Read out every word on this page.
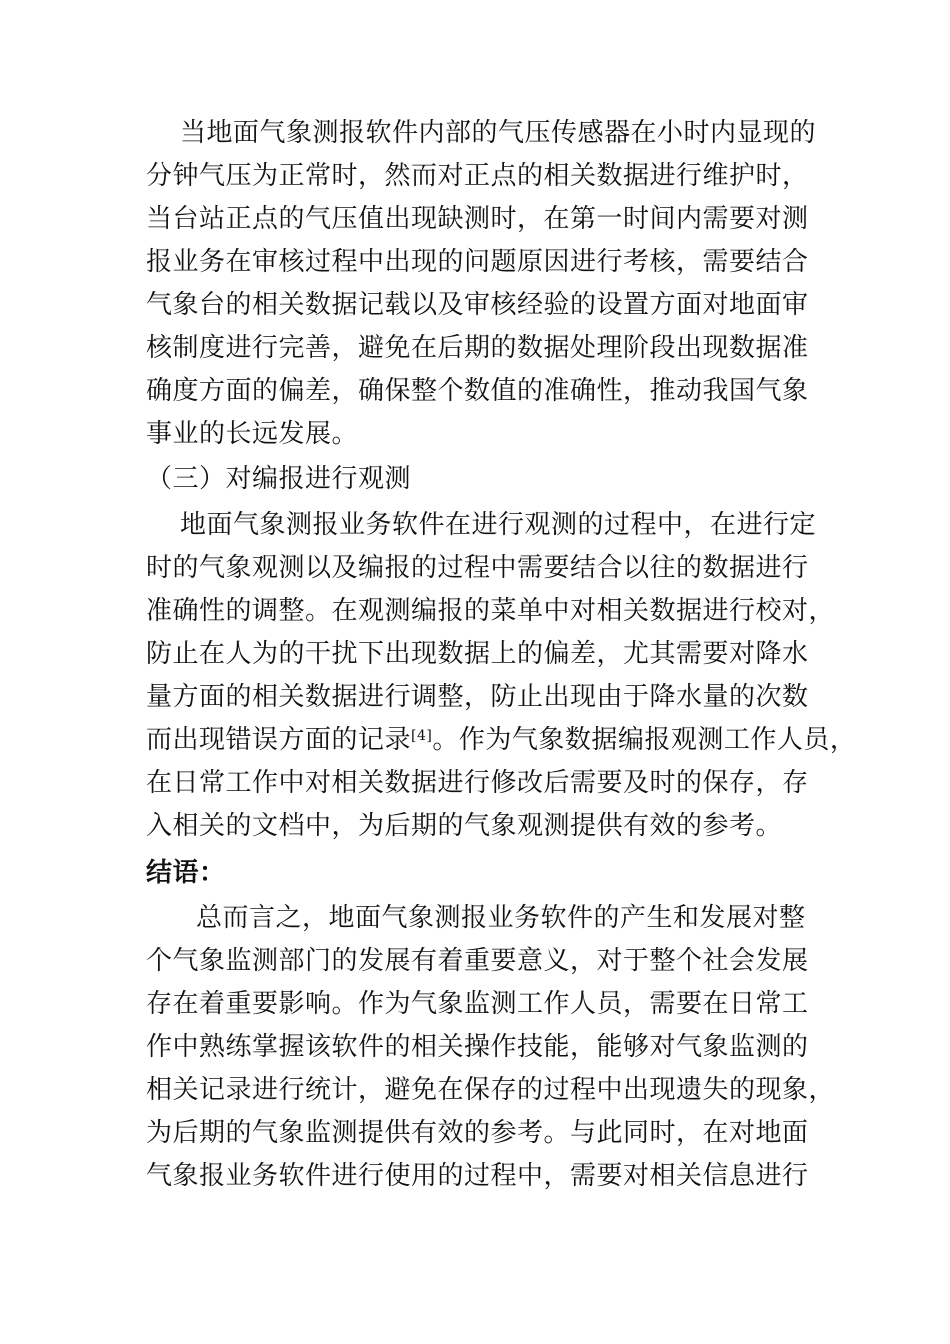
当地面气象测报软件内部的气压传感器在小时内显现的
分钟气压为正常时，然而对正点的相关数据进行维护时，
当台站正点的气压值出现缺测时，在第一时间内需要对测
报业务在审核过程中出现的问题原因进行考核，需要结合
气象台的相关数据记载以及审核经验的设置方面对地面审
核制度进行完善，避免在后期的数据处理阶段出现数据准
确度方面的偏差，确保整个数值的准确性，推动我国气象
事业的长远发展。
（三）对编报进行观测
地面气象测报业务软件在进行观测的过程中，在进行定
时的气象观测以及编报的过程中需要结合以往的数据进行
准确性的调整。在观测编报的菜单中对相关数据进行校对，
防止在人为的干扰下出现数据上的偏差，尤其需要对降水
量方面的相关数据进行调整，防止出现由于降水量的次数
而出现错误方面的记录[4]。作为气象数据编报观测工作人员，
在日常工作中对相关数据进行修改后需要及时的保存，存
入相关的文档中，为后期的气象观测提供有效的参考。
结语：
总而言之，地面气象测报业务软件的产生和发展对整
个气象监测部门的发展有着重要意义，对于整个社会发展
存在着重要影响。作为气象监测工作人员，需要在日常工
作中熟练掌握该软件的相关操作技能，能够对气象监测的
相关记录进行统计，避免在保存的过程中出现遗失的现象，
为后期的气象监测提供有效的参考。与此同时，在对地面
气象报业务软件进行使用的过程中，需要对相关信息进行
